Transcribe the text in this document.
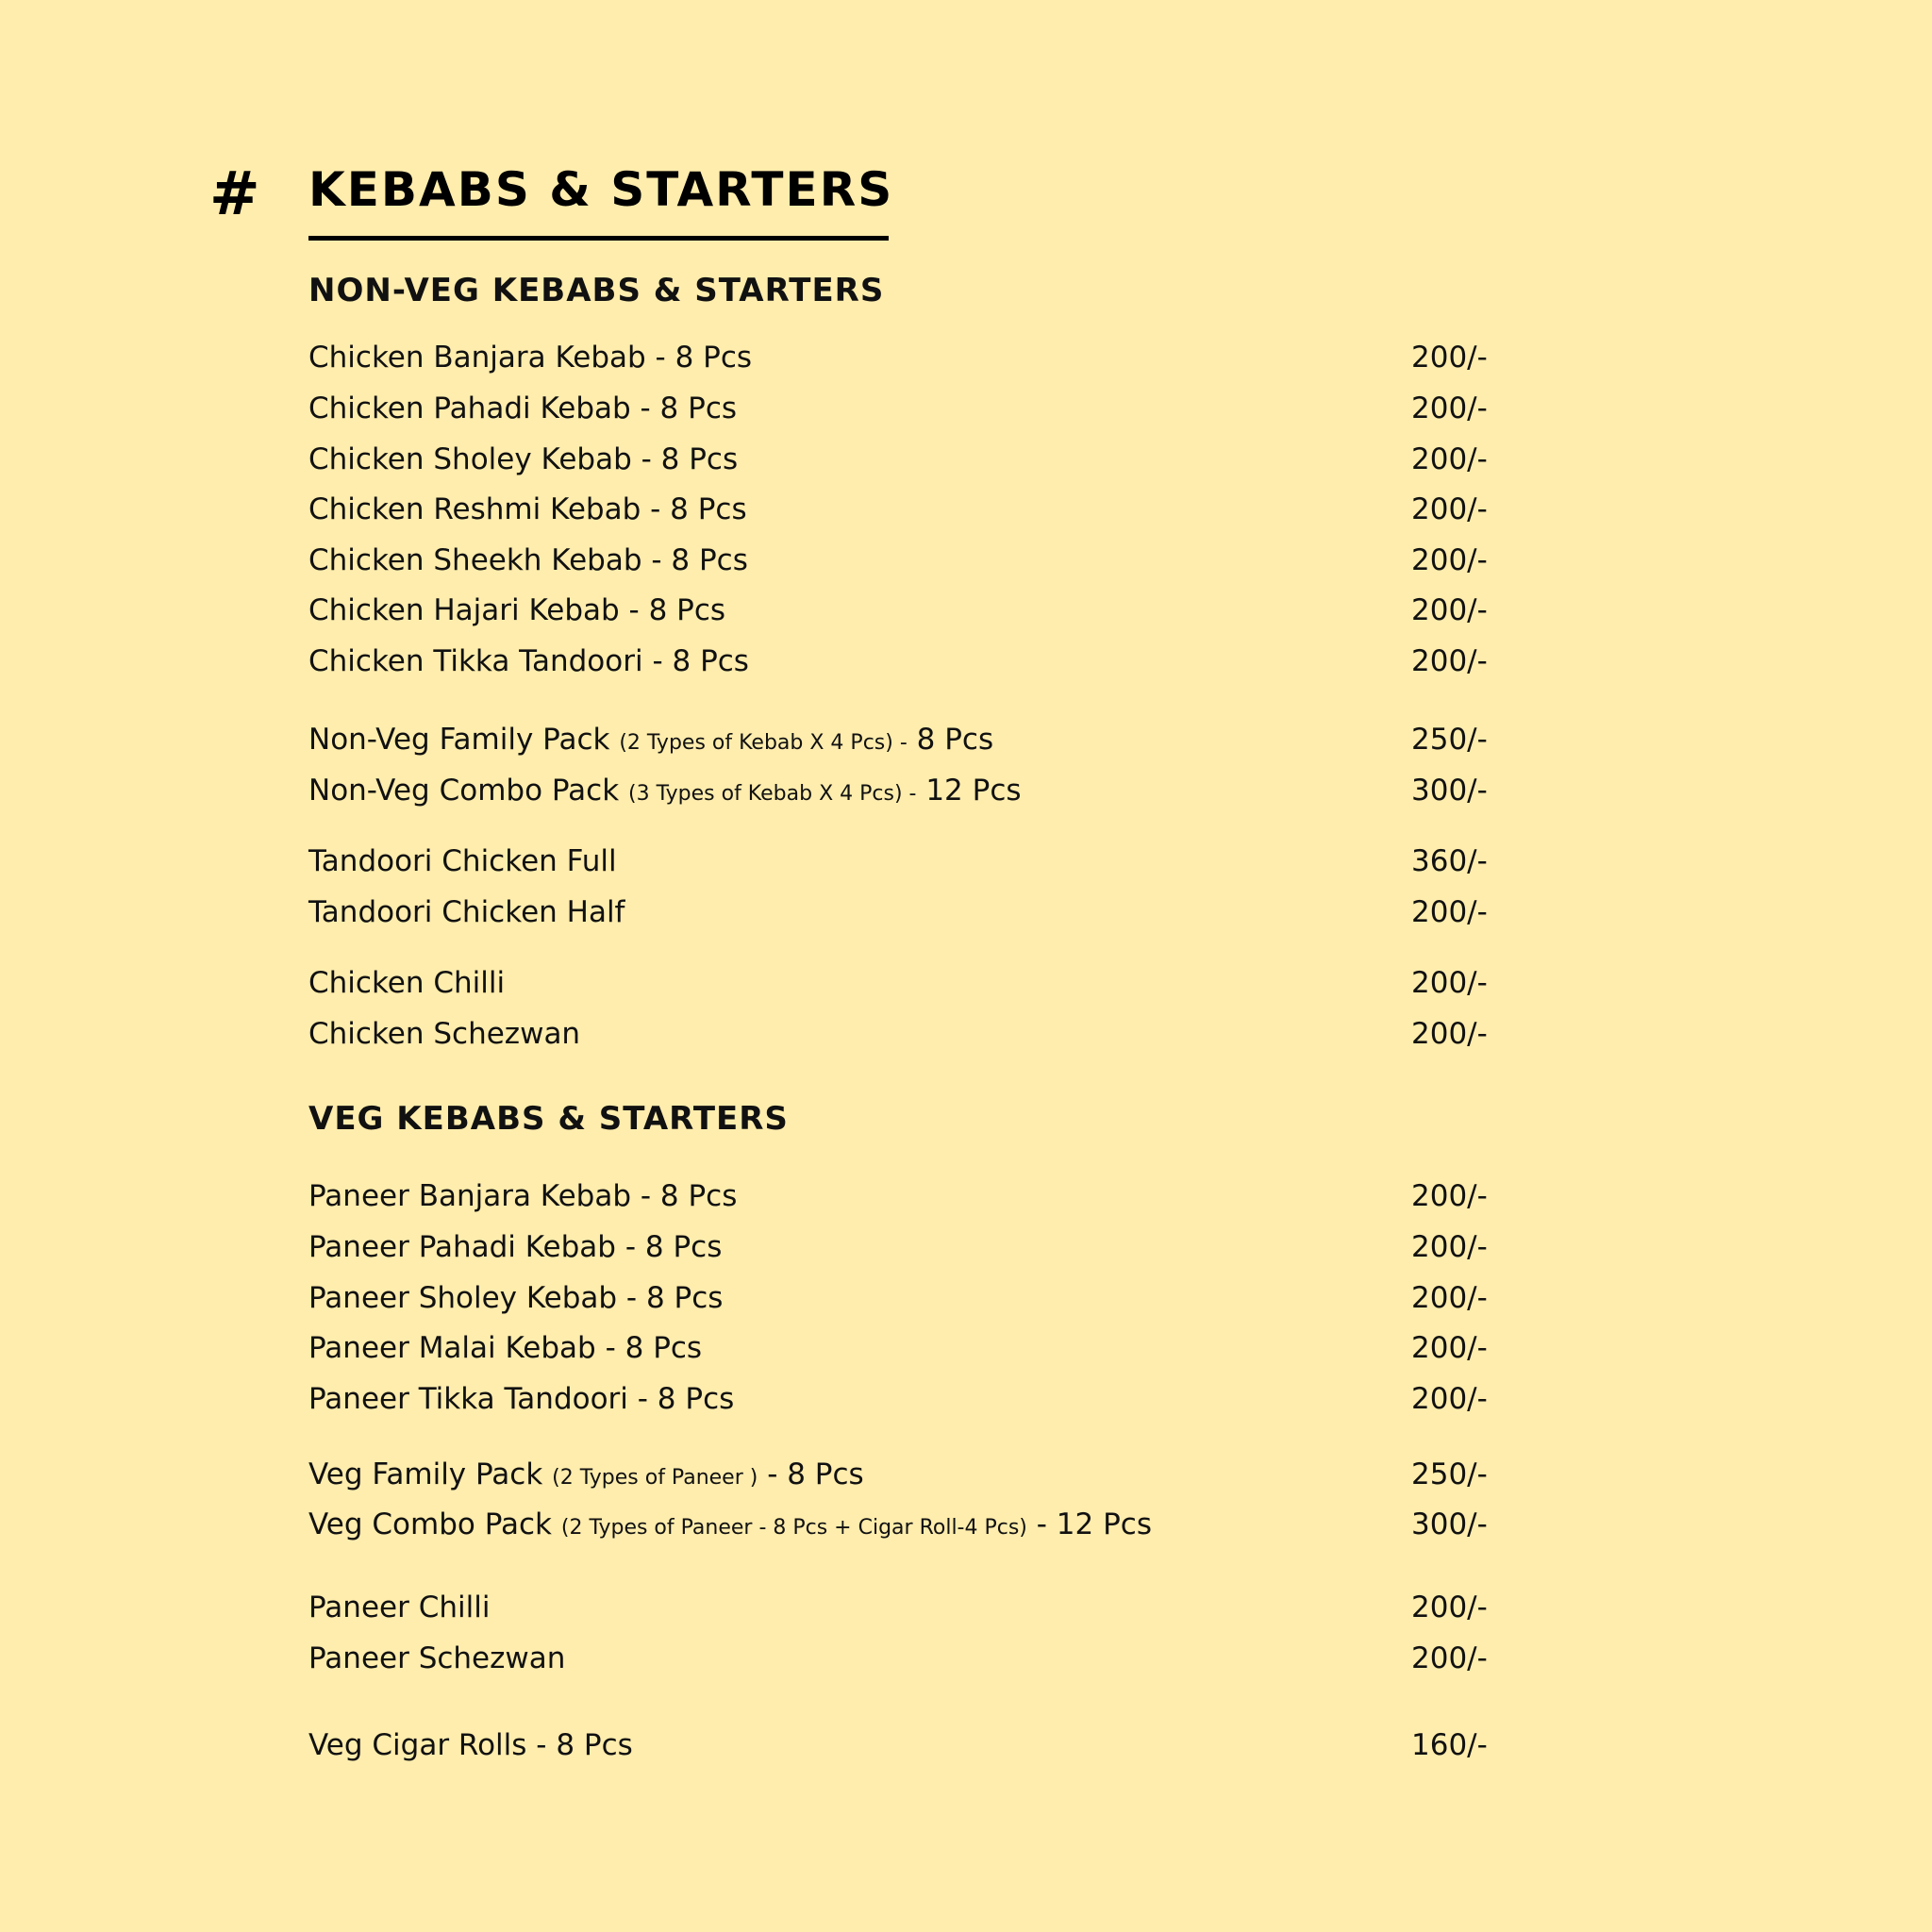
# KEBABS & STARTERS
NON-VEG KEBABS & STARTERS
Chicken Banjara Kebab - 8 Pcs	200/-
Chicken Pahadi Kebab - 8 Pcs	200/-
Chicken Sholey Kebab - 8 Pcs	200/-
Chicken Reshmi Kebab - 8 Pcs	200/-
Chicken Sheekh Kebab - 8 Pcs	200/-
Chicken Hajari Kebab - 8 Pcs	200/-
Chicken Tikka Tandoori - 8 Pcs	200/-
Non-Veg Family Pack (2 Types of Kebab X 4 Pcs) - 8 Pcs	250/-
Non-Veg Combo Pack (3 Types of Kebab X 4 Pcs) - 12 Pcs	300/-
Tandoori Chicken Full	360/-
Tandoori Chicken Half	200/-
Chicken Chilli	200/-
Chicken Schezwan	200/-
VEG KEBABS & STARTERS
Paneer Banjara Kebab - 8 Pcs	200/-
Paneer Pahadi Kebab - 8 Pcs	200/-
Paneer Sholey Kebab - 8 Pcs	200/-
Paneer Malai Kebab - 8 Pcs	200/-
Paneer Tikka Tandoori - 8 Pcs	200/-
Veg Family Pack (2 Types of Paneer ) - 8 Pcs	250/-
Veg Combo Pack (2 Types of Paneer - 8 Pcs + Cigar Roll-4 Pcs) - 12 Pcs	300/-
Paneer Chilli	200/-
Paneer Schezwan	200/-
Veg Cigar Rolls - 8 Pcs	160/-
